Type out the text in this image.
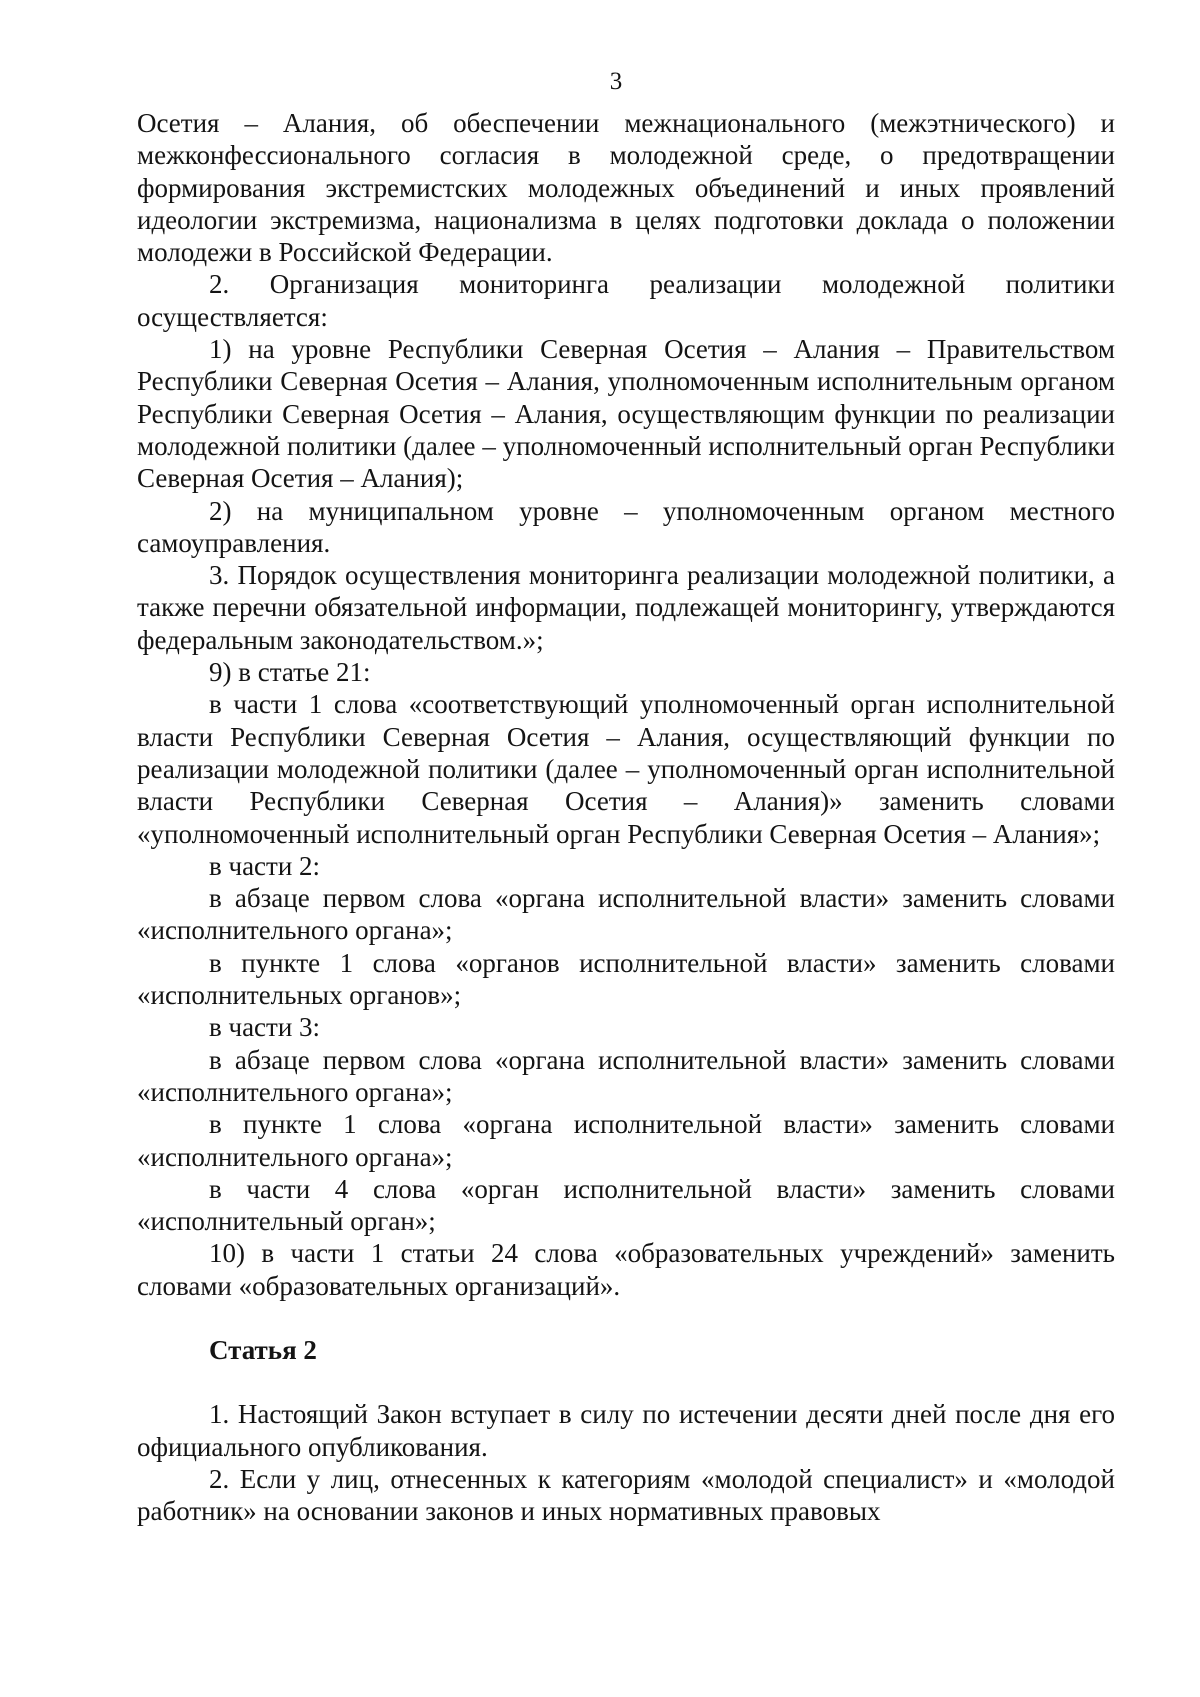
3

Осетия – Алания, об обеспечении межнационального (межэтнического) и межконфессионального согласия в молодежной среде, о предотвращении формирования экстремистских молодежных объединений и иных проявлений идеологии экстремизма, национализма в целях подготовки доклада о положении молодежи в Российской Федерации.

2. Организация мониторинга реализации молодежной политики осуществляется:

1) на уровне Республики Северная Осетия – Алания – Правительством Республики Северная Осетия – Алания, уполномоченным исполнительным органом Республики Северная Осетия – Алания, осуществляющим функции по реализации молодежной политики (далее – уполномоченный исполнительный орган Республики Северная Осетия – Алания);

2) на муниципальном уровне – уполномоченным органом местного самоуправления.

3. Порядок осуществления мониторинга реализации молодежной политики, а также перечни обязательной информации, подлежащей мониторингу, утверждаются федеральным законодательством.»;

9) в статье 21:

в части 1 слова «соответствующий уполномоченный орган исполнительной власти Республики Северная Осетия – Алания, осуществляющий функции по реализации молодежной политики (далее – уполномоченный орган исполнительной власти Республики Северная Осетия – Алания)» заменить словами «уполномоченный исполнительный орган Республики Северная Осетия – Алания»;

в части 2:

в абзаце первом слова «органа исполнительной власти» заменить словами «исполнительного органа»;

в пункте 1 слова «органов исполнительной власти» заменить словами «исполнительных органов»;

в части 3:

в абзаце первом слова «органа исполнительной власти» заменить словами «исполнительного органа»;

в пункте 1 слова «органа исполнительной власти» заменить словами «исполнительного органа»;

в части 4 слова «орган исполнительной власти» заменить словами «исполнительный орган»;

10) в части 1 статьи 24 слова «образовательных учреждений» заменить словами «образовательных организаций».

Статья 2

1. Настоящий Закон вступает в силу по истечении десяти дней после дня его официального опубликования.

2. Если у лиц, отнесенных к категориям «молодой специалист» и «молодой работник» на основании законов и иных нормативных правовых
